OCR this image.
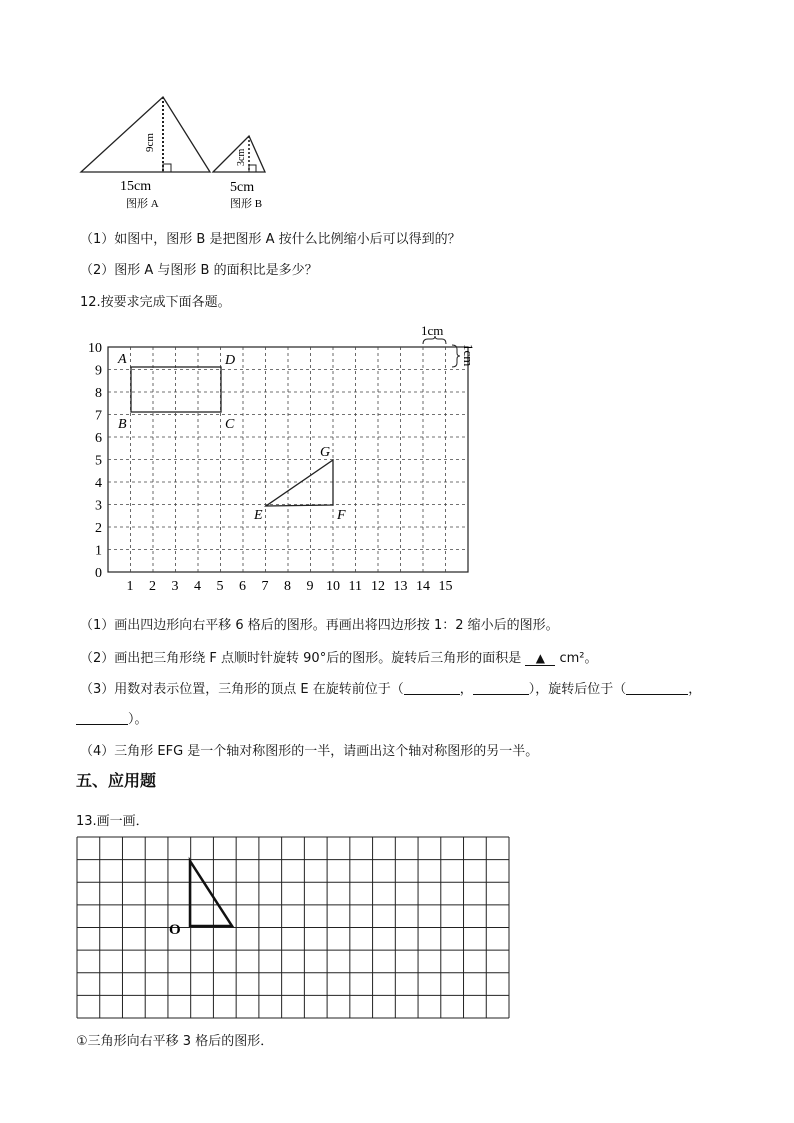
9cm
15cm
图形 A
3cm
5cm
图形 B
（1）如图中，图形 B 是把图形 A 按什么比例缩小后可以得到的？
（2）图形 A 与图形 B 的面积比是多少？
12.按要求完成下面各题。
A
B	C
D
E	F
G
1cm
1cm
1 2 3 4 5 6 7 8 9 10 11 12 13 14 15
0
1
2
3
4
5
6
7
8
9
10
（1）画出四边形向右平移 6 格后的图形。再画出将四边形按 1：2 缩小后的图形。
（2）画出把三角形绕 F 点顺时针旋转 90°后的图形。旋转后三角形的面积是 ▲ cm²。
（3）用数对表示位置，三角形的顶点 E 在旋转前位于（	，	），旋转后位于（	，
）。
（4）三角形 EFG 是一个轴对称图形的一半，请画出这个轴对称图形的另一半。
五、应用题
13.画一画．
O
①三角形向右平移 3 格后的图形．
